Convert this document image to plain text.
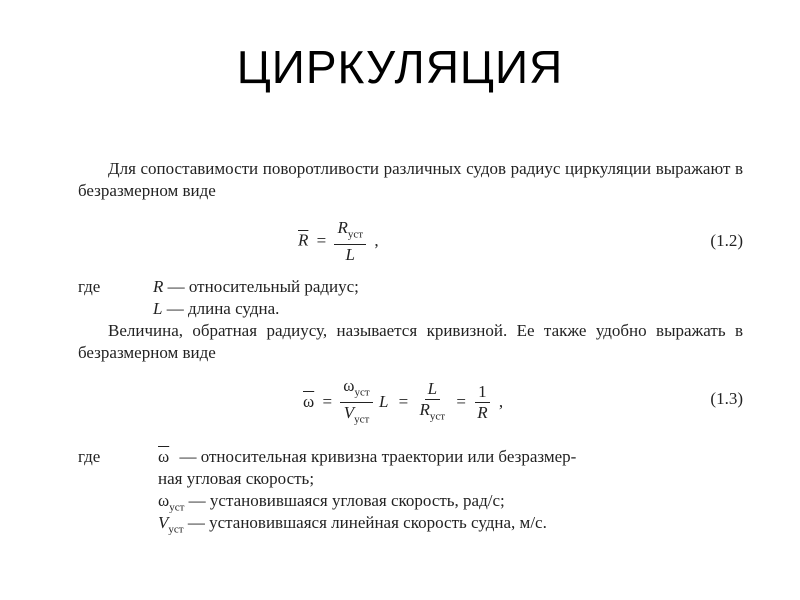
ЦИРКУЛЯЦИЯ
Для сопоставимости поворотливости различных судов радиус циркуляции выражают в безразмерном виде
$\overline{R} = \frac{R_{уст}}{L}$ ,	(1.2)
где	R — относительный радиус;
L — длина судна.
Величина, обратная радиусу, называется кривизной. Ее также удобно выражать в безразмерном виде
$\overline{\omega} = \frac{\omega_{уст}}{V_{уст}}$ $L = \frac{L}{R_{уст}} = \frac{1}{R}$ ,	(1.3)
где	$\overline{\omega}$ — относительная кривизна траектории или безразмер-
ная угловая скорость;
$\omega_{уст}$ — установившаяся угловая скорость, рад/с;
$V_{уст}$ — установившаяся линейная скорость судна, м/с.
